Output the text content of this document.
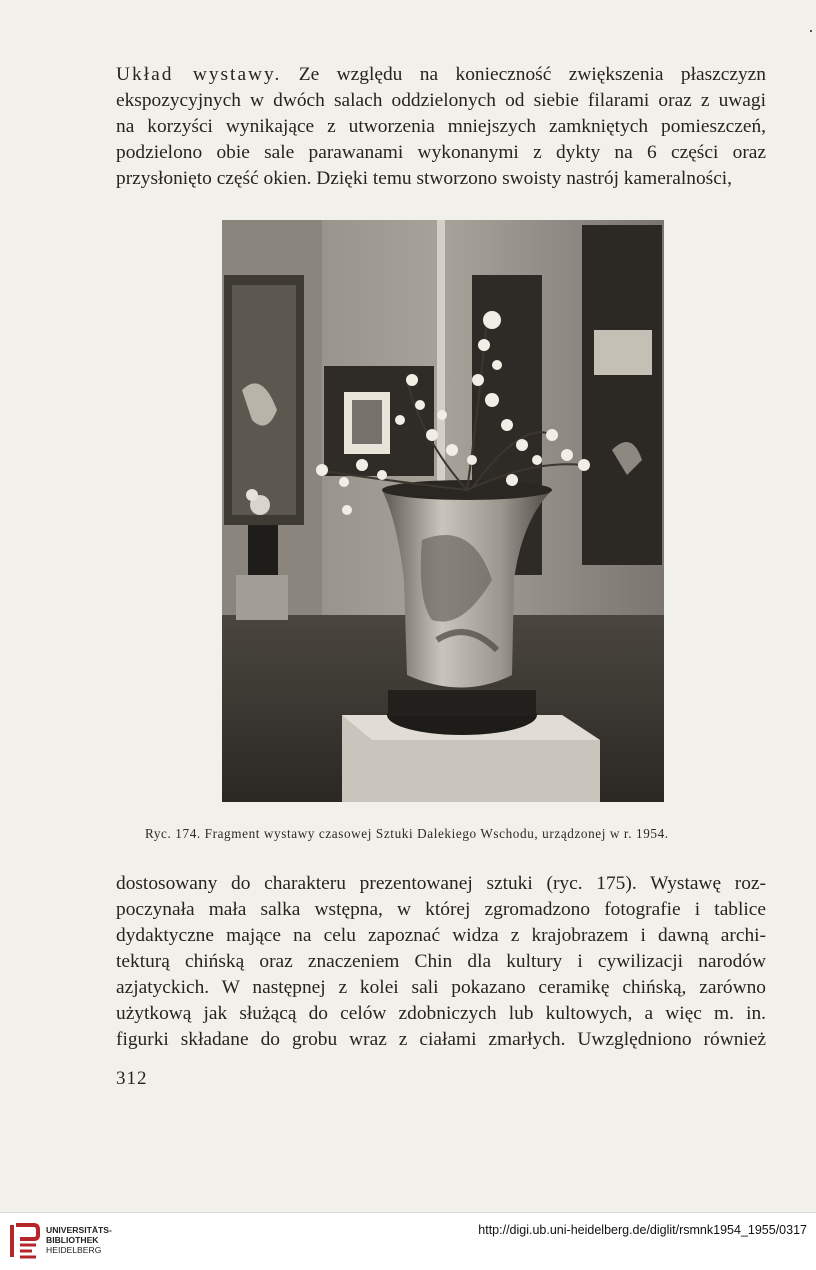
Układ wystawy. Ze względu na konieczność zwiększenia płaszczyzn
ekspozycyjnych w dwóch salach oddzielonych od siebie filarami oraz z uwagi
na korzyści wynikające z utworzenia mniejszych zamkniętych pomieszczeń,
podzielono obie sale parawanami wykonanymi z dykty na 6 części oraz
przysłonięto część okien. Dzięki temu stworzono swoisty nastrój kameralności,

Ryc. 174. Fragment wystawy czasowej Sztuki Dalekiego Wschodu, urządzonej w r. 1954.

dostosowany do charakteru prezentowanej sztuki (ryc. 175). Wystawę roz-
poczynała mała salka wstępna, w której zgromadzono fotografie i tablice
dydaktyczne mające na celu zapoznać widza z krajobrazem i dawną archi-
tekturą chińską oraz znaczeniem Chin dla kultury i cywilizacji narodów
azjatyckich. W następnej z kolei sali pokazano ceramikę chińską, zarówno
użytkową jak służącą do celów zdobniczych lub kultowych, a więc m. in.
figurki składane do grobu wraz z ciałami zmarłych. Uwzględniono również

312
UNIVERSITÄTS-
BIBLIOTHEK
HEIDELBERG
http://digi.ub.uni-heidelberg.de/diglit/rsmnk1954_1955/0317
